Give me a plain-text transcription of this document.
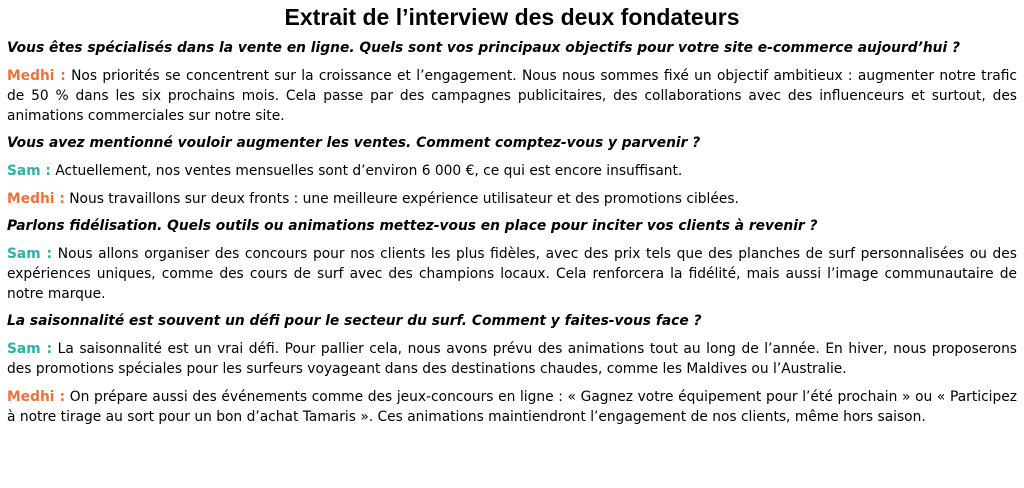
Extrait de l’interview des deux fondateurs

Vous êtes spécialisés dans la vente en ligne. Quels sont vos principaux objectifs pour votre site e-commerce aujourd’hui ?

Medhi : Nos priorités se concentrent sur la croissance et l’engagement. Nous nous sommes fixé un objectif ambitieux : augmenter notre trafic de 50 % dans les six prochains mois. Cela passe par des campagnes publicitaires, des collaborations avec des influenceurs et surtout, des animations commerciales sur notre site.

Vous avez mentionné vouloir augmenter les ventes. Comment comptez-vous y parvenir ?

Sam : Actuellement, nos ventes mensuelles sont d’environ 6 000 €, ce qui est encore insuffisant.

Medhi : Nous travaillons sur deux fronts : une meilleure expérience utilisateur et des promotions ciblées.

Parlons fidélisation. Quels outils ou animations mettez-vous en place pour inciter vos clients à revenir ?

Sam : Nous allons organiser des concours pour nos clients les plus fidèles, avec des prix tels que des planches de surf personnalisées ou des expériences uniques, comme des cours de surf avec des champions locaux. Cela renforcera la fidélité, mais aussi l’image communautaire de notre marque.

La saisonnalité est souvent un défi pour le secteur du surf. Comment y faites-vous face ?

Sam : La saisonnalité est un vrai défi. Pour pallier cela, nous avons prévu des animations tout au long de l’année. En hiver, nous proposerons des promotions spéciales pour les surfeurs voyageant dans des destinations chaudes, comme les Maldives ou l’Australie.

Medhi : On prépare aussi des événements comme des jeux-concours en ligne : « Gagnez votre équipement pour l’été prochain » ou « Participez à notre tirage au sort pour un bon d’achat Tamaris ». Ces animations maintiendront l’engagement de nos clients, même hors saison.
